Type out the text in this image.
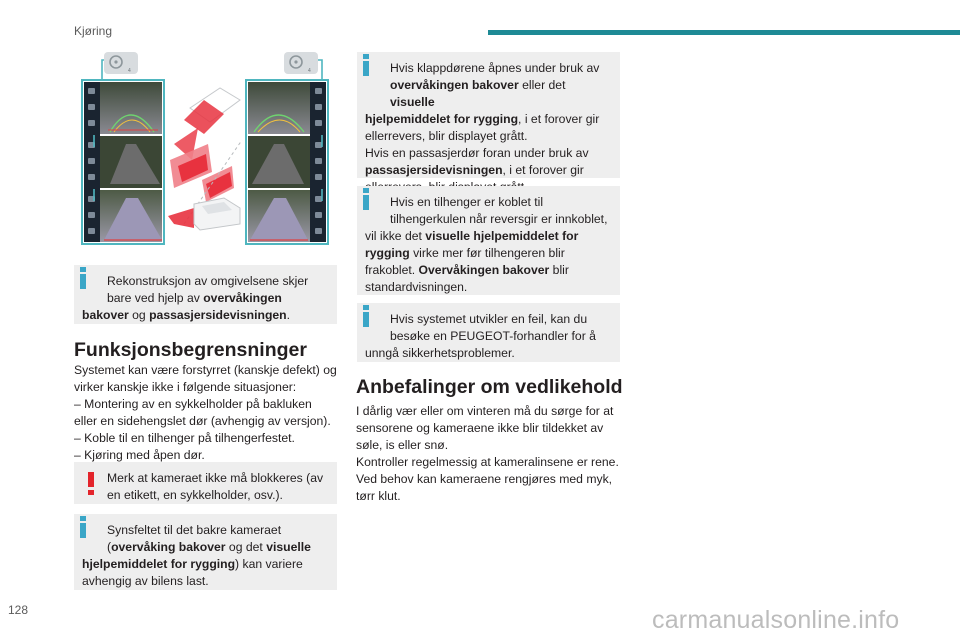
Kjøring
4	4
Rekonstruksjon av omgivelsene skjer
bare ved hjelp av overvåkingen
bakover og passasjersidevisningen.
Funksjonsbegrensninger
Systemet kan være forstyrret (kanskje defekt) og
virker kanskje ikke i følgende situasjoner:
– Montering av en sykkelholder på bakluken
eller en sidehengslet dør (avhengig av versjon).
– Koble til en tilhenger på tilhengerfestet.
– Kjøring med åpen dør.
Merk at kameraet ikke må blokkeres (av
en etikett, en sykkelholder, osv.).
Synsfeltet til det bakre kameraet
(overvåking bakover og det visuelle
hjelpemiddelet for rygging) kan variere
avhengig av bilens last.
Hvis klappdørene åpnes under bruk av
overvåkingen bakover eller det visuelle
hjelpemiddelet for rygging, i et forover gir
ellerrevers, blir displayet grått.
Hvis en passasjerdør foran under bruk av
passasjersidevisningen, i et forover gir
Hvis en tilhenger er koblet til
tilhengerkulen når reversgir er innkoblet,
vil ikke det visuelle hjelpemiddelet for
rygging virke mer før tilhengeren blir
frakoblet. Overvåkingen bakover blir
standardvisningen.
Hvis systemet utvikler en feil, kan du
besøke en PEUGEOT-forhandler for å
unngå sikkerhetsproblemer.
Anbefalinger om vedlikehold
I dårlig vær eller om vinteren må du sørge for at
sensorene og kameraene ikke blir tildekket av
søle, is eller snø.
Kontroller regelmessig at kameralinsene er rene.
Ved behov kan kameraene rengjøres med myk,
tørr klut.
128	carmanualsonline.info
